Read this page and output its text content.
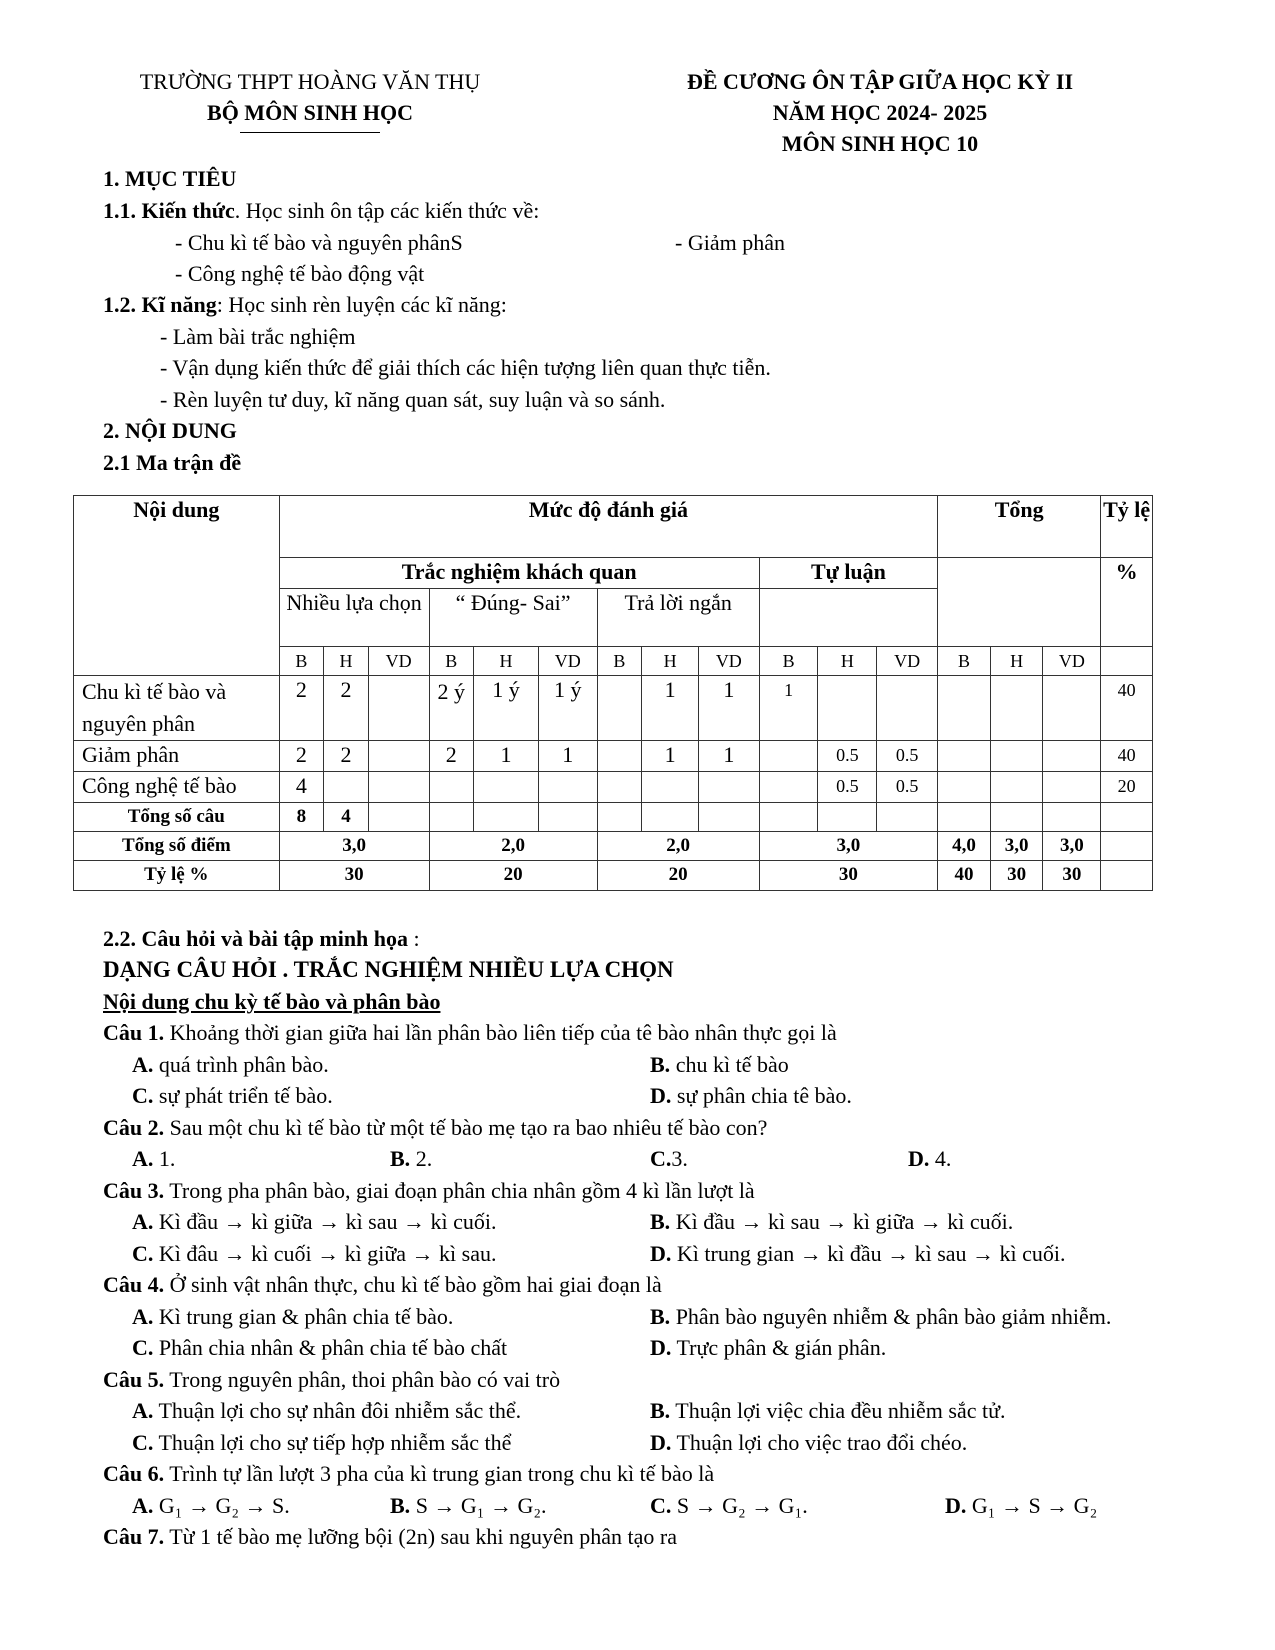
TRƯỜNG THPT HOÀNG VĂN THỤ
BỘ MÔN SINH HỌC
ĐỀ CƯƠNG ÔN TẬP GIỮA HỌC KỲ II
NĂM HỌC 2024- 2025
MÔN SINH HỌC 10
1. MỤC TIÊU
1.1. Kiến thức. Học sinh ôn tập các kiến thức về:
- Chu kì tế bào và nguyên phânS	- Giảm phân
- Công nghệ tế bào động vật
1.2. Kĩ năng: Học sinh rèn luyện các kĩ năng:
- Làm bài trắc nghiệm
- Vận dụng kiến thức để giải thích các hiện tượng liên quan thực tiễn.
- Rèn luyện tư duy, kĩ năng quan sát, suy luận và so sánh.
2. NỘI DUNG
2.1 Ma trận đề
Nội dung	Mức độ đánh giá												Tổng			Tỷ lệ
	Trắc nghiệm khách quan									Tự luận						%
	Nhiều lựa chọn			“ Đúng- Sai”			Trả lời ngắn									
	B	H	VD	B	H	VD	B	H	VD	B	H	VD	B	H	VD	
Chu kì tế bào và nguyên phân	2	2		2 ý	1 ý	1 ý		1	1	1						40
Giảm phân	2	2		2	1	1		1	1		0.5	0.5				40
Công nghệ tế bào	4										0.5	0.5				20
Tổng số câu	8	4														
Tổng số điểm	3,0			2,0			2,0			3,0			4,0	3,0	3,0	
Tỷ lệ %	30			20			20			30			40	30	30	
2.2. Câu hỏi và bài tập minh họa :
DẠNG CÂU HỎI . TRẮC NGHIỆM NHIỀU LỰA CHỌN
Nội dung chu kỳ tế bào và phân bào
Câu 1. Khoảng thời gian giữa hai lần phân bào liên tiếp của tê bào nhân thực gọi là
A. quá trình phân bào.	B. chu kì tế bào
C. sự phát triển tế bào.	D. sự phân chia tê bào.
Câu 2. Sau một chu kì tế bào từ một tế bào mẹ tạo ra bao nhiêu tế bào con?
A. 1.	B. 2.	C.3.	D. 4.
Câu 3. Trong pha phân bào, giai đoạn phân chia nhân gồm 4 kì lần lượt là
A. Kì đầu → kì giữa → kì sau → kì cuối.	B. Kì đầu → kì sau → kì giữa → kì cuối.
C. Kì đâu → kì cuối → kì giữa → kì sau.	D. Kì trung gian → kì đầu → kì sau → kì cuối.
Câu 4. Ở sinh vật nhân thực, chu kì tế bào gồm hai giai đoạn là
A. Kì trung gian & phân chia tế bào.	B. Phân bào nguyên nhiễm & phân bào giảm nhiễm.
C. Phân chia nhân & phân chia tế bào chất	D. Trực phân & gián phân.
Câu 5. Trong nguyên phân, thoi phân bào có vai trò
A. Thuận lợi cho sự nhân đôi nhiễm sắc thể.	B. Thuận lợi việc chia đều nhiễm sắc tử.
C. Thuận lợi cho sự tiếp hợp nhiễm sắc thể	D. Thuận lợi cho việc trao đổi chéo.
Câu 6. Trình tự lần lượt 3 pha của kì trung gian trong chu kì tế bào là
A. G₁ → G₂ → S.	B. S → G₁ → G₂.	C. S → G₂ → G₁.	D. G₁ → S → G₂
Câu 7. Từ 1 tế bào mẹ lưỡng bội (2n) sau khi nguyên phân tạo ra
